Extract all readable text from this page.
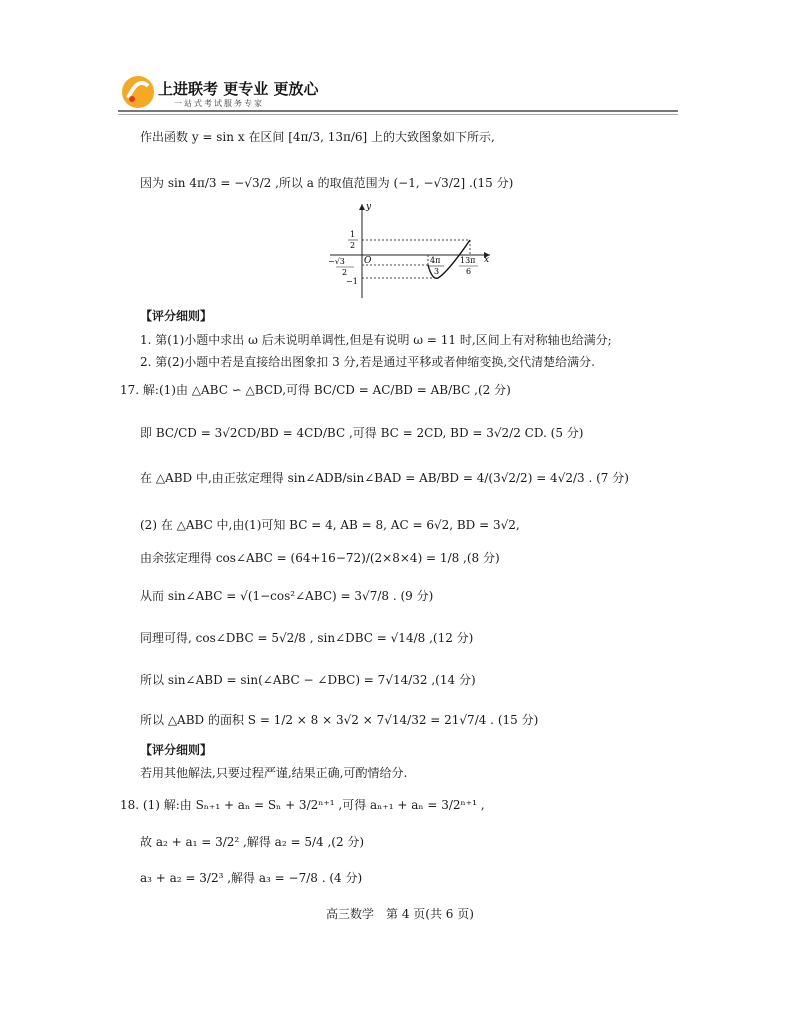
上进联考 更专业 更放心
一站式考试服务专家
作出函数 y = sin x 在区间 [4π/3, 13π/6] 上的大致图象如下所示,
因为 sin 4π/3 = −√3/2 ,所以 a 的取值范围为 (−1, −√3/2] .(15 分)
y
x
O
1
2
−√3
2
−1
4π
3
13π
6
【评分细则】
1. 第(1)小题中求出 ω 后未说明单调性,但是有说明 ω = 11 时,区间上有对称轴也给满分;
2. 第(2)小题中若是直接给出图象扣 3 分,若是通过平移或者伸缩变换,交代清楚给满分.
17. 解:(1)由 △ABC ∽ △BCD,可得 BC/CD = AC/BD = AB/BC ,(2 分)
即 BC/CD = 3√2CD/BD = 4CD/BC ,可得 BC = 2CD, BD = 3√2/2 CD. (5 分)
在 △ABD 中,由正弦定理得 sin∠ADB/sin∠BAD = AB/BD = 4/(3√2/2) = 4√2/3 . (7 分)
(2) 在 △ABC 中,由(1)可知 BC = 4, AB = 8, AC = 6√2, BD = 3√2,
由余弦定理得 cos∠ABC = (64+16−72)/(2×8×4) = 1/8 ,(8 分)
从而 sin∠ABC = √(1−cos²∠ABC) = 3√7/8 . (9 分)
同理可得, cos∠DBC = 5√2/8 , sin∠DBC = √14/8 ,(12 分)
所以 sin∠ABD = sin(∠ABC − ∠DBC) = 7√14/32 ,(14 分)
所以 △ABD 的面积 S = 1/2 × 8 × 3√2 × 7√14/32 = 21√7/4 . (15 分)
【评分细则】
若用其他解法,只要过程严谨,结果正确,可酌情给分.
18. (1) 解:由 Sₙ₊₁ + aₙ = Sₙ + 3/2ⁿ⁺¹ ,可得 aₙ₊₁ + aₙ = 3/2ⁿ⁺¹ ,
故 a₂ + a₁ = 3/2² ,解得 a₂ = 5/4 ,(2 分)
a₃ + a₂ = 3/2³ ,解得 a₃ = −7/8 . (4 分)
高三数学　第 4 页(共 6 页)
